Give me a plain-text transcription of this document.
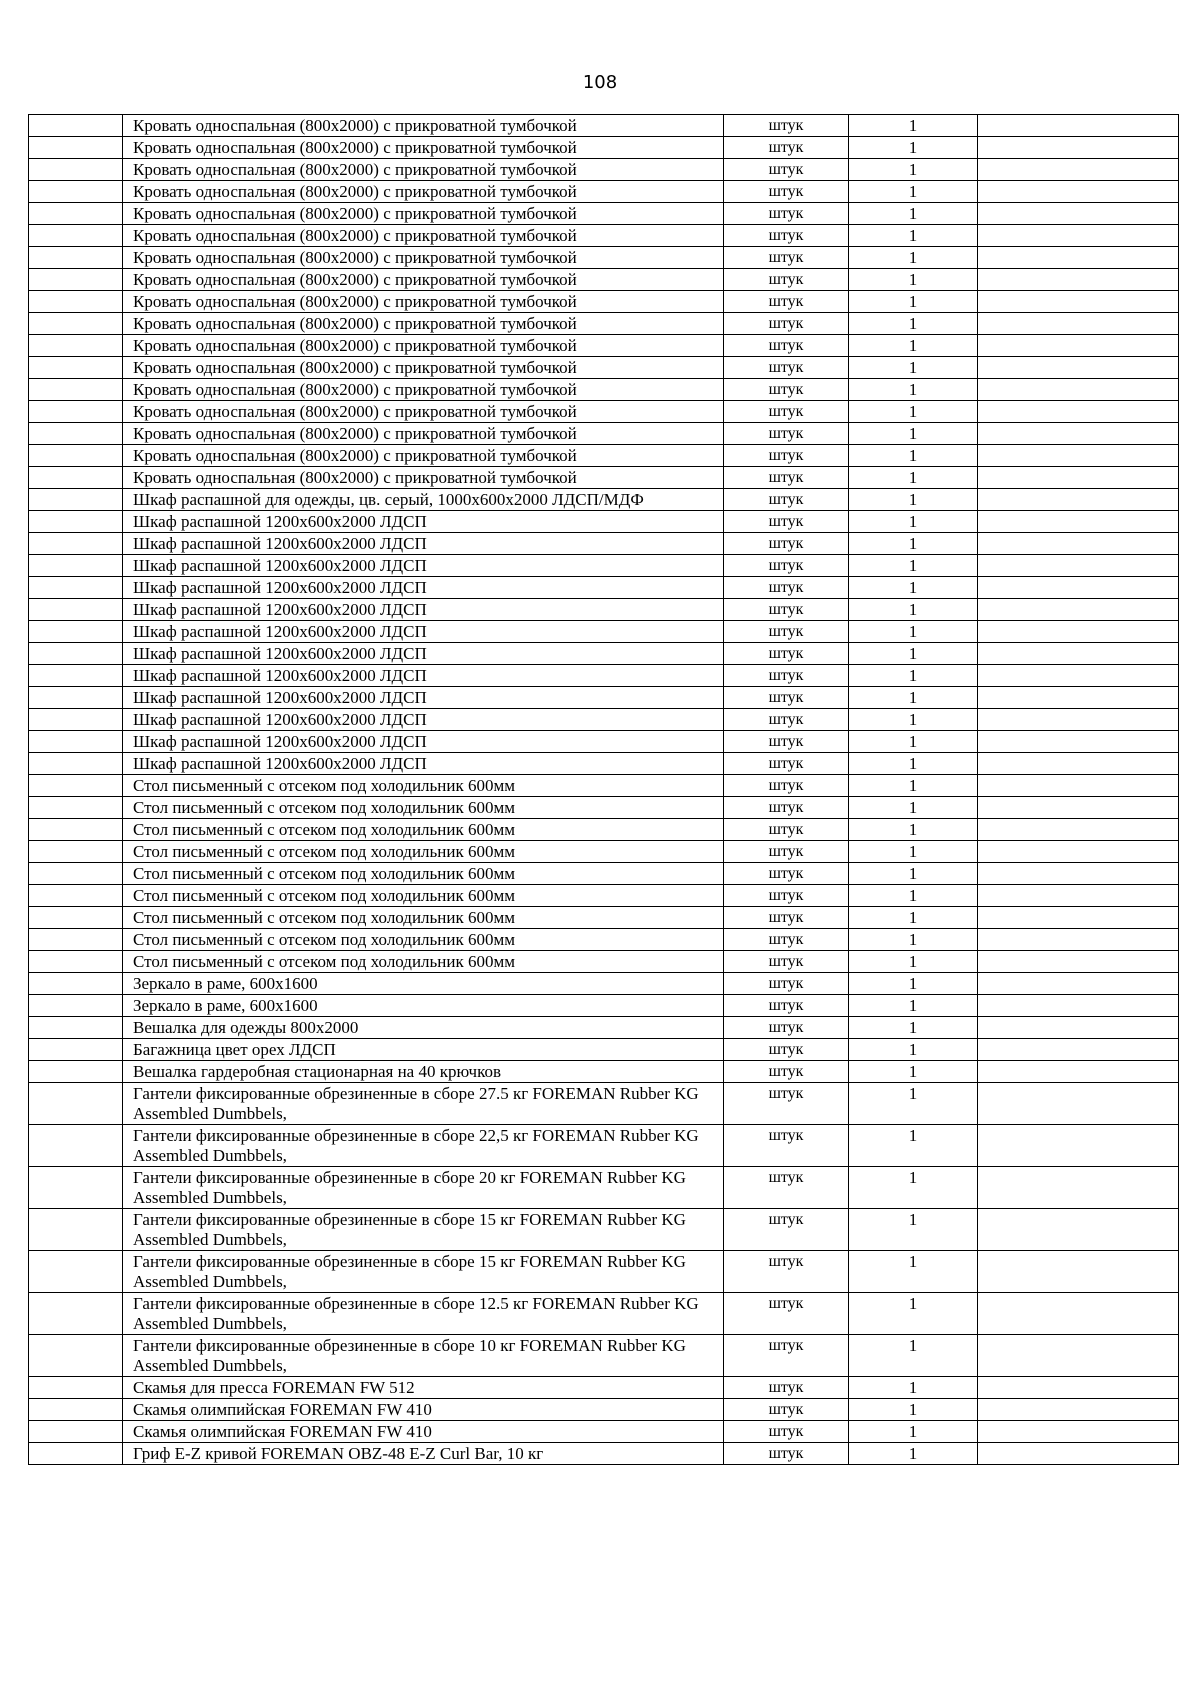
108
	Кровать односпальная (800х2000) с прикроватной тумбочкой	штук	1	
	Кровать односпальная (800х2000) с прикроватной тумбочкой	штук	1	
	Кровать односпальная (800х2000) с прикроватной тумбочкой	штук	1	
	Кровать односпальная (800х2000) с прикроватной тумбочкой	штук	1	
	Кровать односпальная (800х2000) с прикроватной тумбочкой	штук	1	
	Кровать односпальная (800х2000) с прикроватной тумбочкой	штук	1	
	Кровать односпальная (800х2000) с прикроватной тумбочкой	штук	1	
	Кровать односпальная (800х2000) с прикроватной тумбочкой	штук	1	
	Кровать односпальная (800х2000) с прикроватной тумбочкой	штук	1	
	Кровать односпальная (800х2000) с прикроватной тумбочкой	штук	1	
	Кровать односпальная (800х2000) с прикроватной тумбочкой	штук	1	
	Кровать односпальная (800х2000) с прикроватной тумбочкой	штук	1	
	Кровать односпальная (800х2000) с прикроватной тумбочкой	штук	1	
	Кровать односпальная (800х2000) с прикроватной тумбочкой	штук	1	
	Кровать односпальная (800х2000) с прикроватной тумбочкой	штук	1	
	Кровать односпальная (800х2000) с прикроватной тумбочкой	штук	1	
	Кровать односпальная (800х2000) с прикроватной тумбочкой	штук	1	
	Шкаф распашной для одежды, цв. серый, 1000х600х2000 ЛДСП/МДФ	штук	1	
	Шкаф распашной 1200х600х2000 ЛДСП	штук	1	
	Шкаф распашной 1200х600х2000 ЛДСП	штук	1	
	Шкаф распашной 1200х600х2000 ЛДСП	штук	1	
	Шкаф распашной 1200х600х2000 ЛДСП	штук	1	
	Шкаф распашной 1200х600х2000 ЛДСП	штук	1	
	Шкаф распашной 1200х600х2000 ЛДСП	штук	1	
	Шкаф распашной 1200х600х2000 ЛДСП	штук	1	
	Шкаф распашной 1200х600х2000 ЛДСП	штук	1	
	Шкаф распашной 1200х600х2000 ЛДСП	штук	1	
	Шкаф распашной 1200х600х2000 ЛДСП	штук	1	
	Шкаф распашной 1200х600х2000 ЛДСП	штук	1	
	Шкаф распашной 1200х600х2000 ЛДСП	штук	1	
	Стол письменный с отсеком под холодильник 600мм	штук	1	
	Стол письменный с отсеком под холодильник 600мм	штук	1	
	Стол письменный с отсеком под холодильник 600мм	штук	1	
	Стол письменный с отсеком под холодильник 600мм	штук	1	
	Стол письменный с отсеком под холодильник 600мм	штук	1	
	Стол письменный с отсеком под холодильник 600мм	штук	1	
	Стол письменный с отсеком под холодильник 600мм	штук	1	
	Стол письменный с отсеком под холодильник 600мм	штук	1	
	Стол письменный с отсеком под холодильник 600мм	штук	1	
	Зеркало в раме, 600х1600	штук	1	
	Зеркало в раме, 600х1600	штук	1	
	Вешалка для одежды 800х2000	штук	1	
	Багажница цвет орех ЛДСП	штук	1	
	Вешалка гардеробная стационарная на 40 крючков	штук	1	
	Гантели фиксированные обрезиненные в сборе 27.5 кг FOREMAN Rubber KG Assembled Dumbbels,	штук	1	
	Гантели фиксированные обрезиненные в сборе 22,5 кг FOREMAN Rubber KG Assembled Dumbbels,	штук	1	
	Гантели фиксированные обрезиненные в сборе 20 кг FOREMAN Rubber KG Assembled Dumbbels,	штук	1	
	Гантели фиксированные обрезиненные в сборе 15 кг FOREMAN Rubber KG Assembled Dumbbels,	штук	1	
	Гантели фиксированные обрезиненные в сборе 15 кг FOREMAN Rubber KG Assembled Dumbbels,	штук	1	
	Гантели фиксированные обрезиненные в сборе 12.5 кг FOREMAN Rubber KG Assembled Dumbbels,	штук	1	
	Гантели фиксированные обрезиненные в сборе 10 кг FOREMAN Rubber KG Assembled Dumbbels,	штук	1	
	Скамья для пресса FOREMAN FW 512	штук	1	
	Скамья олимпийская FOREMAN FW 410	штук	1	
	Скамья олимпийская FOREMAN FW 410	штук	1	
	Гриф E-Z кривой FOREMAN OBZ-48 E-Z Curl Bar, 10 кг	штук	1	
